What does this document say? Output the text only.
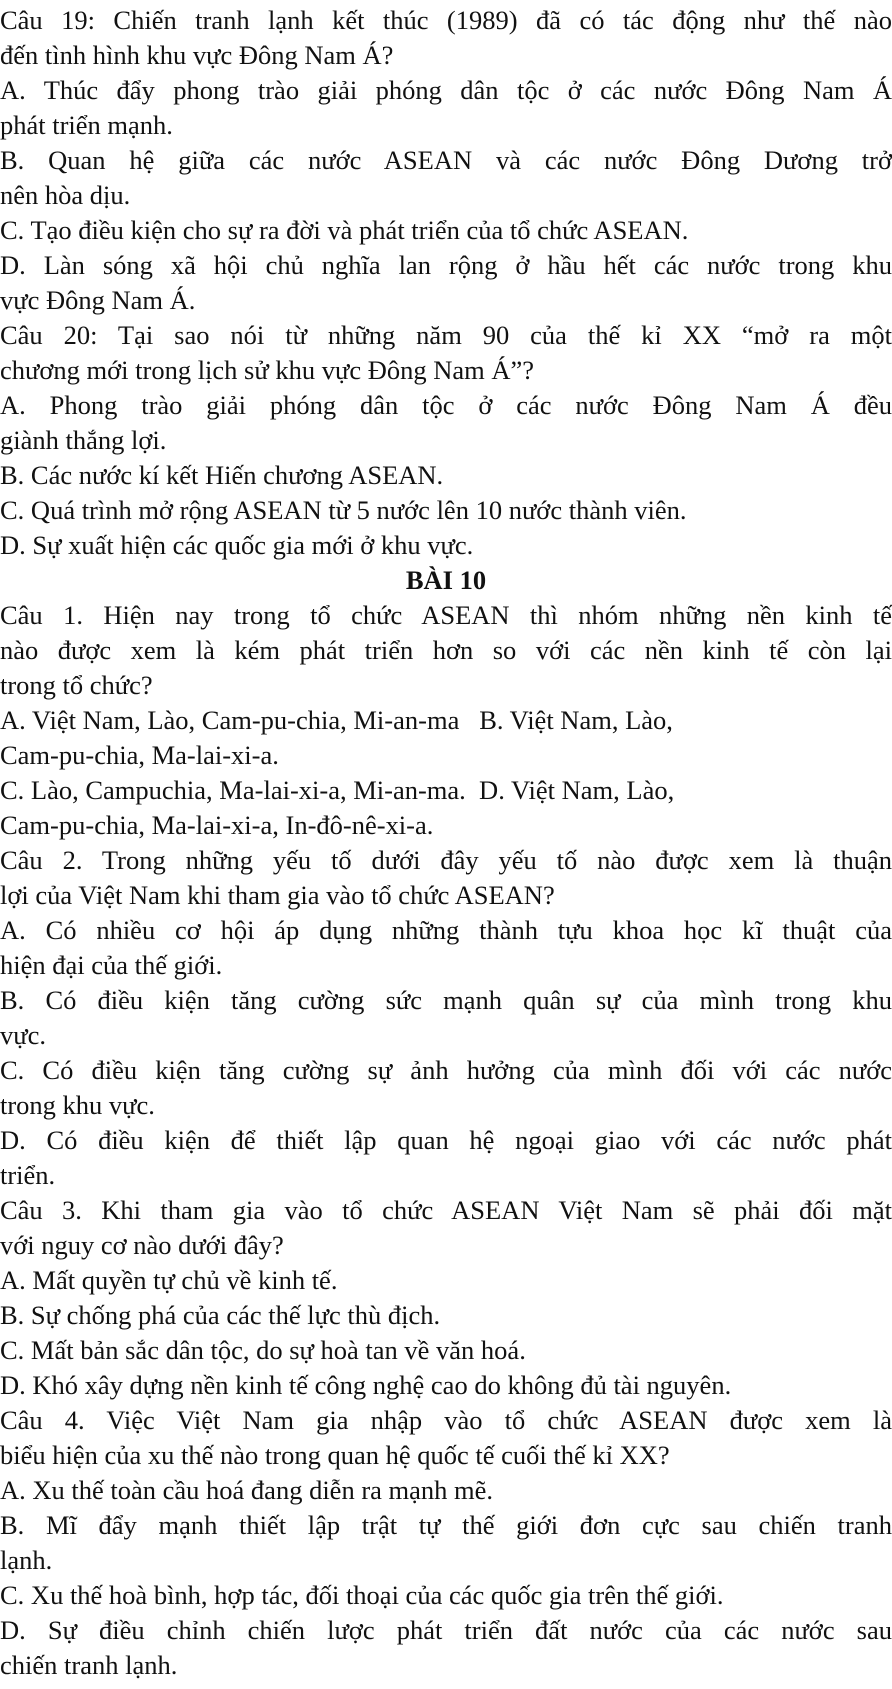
Câu 19: Chiến tranh lạnh kết thúc (1989) đã có tác động như thế nào
đến tình hình khu vực Đông Nam Á?
A. Thúc đẩy phong trào giải phóng dân tộc ở các nước Đông Nam Á
phát triển mạnh.
B. Quan hệ giữa các nước ASEAN và các nước Đông Dương trở
nên hòa dịu.
C. Tạo điều kiện cho sự ra đời và phát triển của tổ chức ASEAN.
D. Làn sóng xã hội chủ nghĩa lan rộng ở hầu hết các nước trong khu
vực Đông Nam Á.
Câu 20: Tại sao nói từ những năm 90 của thế kỉ XX “mở ra một
chương mới trong lịch sử khu vực Đông Nam Á”?
A. Phong trào giải phóng dân tộc ở các nước Đông Nam Á đều
giành thắng lợi.
B. Các nước kí kết Hiến chương ASEAN.
C. Quá trình mở rộng ASEAN từ 5 nước lên 10 nước thành viên.
D. Sự xuất hiện các quốc gia mới ở khu vực.
BÀI 10
Câu 1. Hiện nay trong tổ chức ASEAN thì nhóm những nền kinh tế
nào được xem là kém phát triển hơn so với các nền kinh tế còn lại
trong tổ chức?
A. Việt Nam, Lào, Cam-pu-chia, Mi-an-ma   B. Việt Nam, Lào,
Cam-pu-chia, Ma-lai-xi-a.
C. Lào, Campuchia, Ma-lai-xi-a, Mi-an-ma.  D. Việt Nam, Lào,
Cam-pu-chia, Ma-lai-xi-a, In-đô-nê-xi-a.
Câu 2. Trong những yếu tố dưới đây yếu tố nào được xem là thuận
lợi của Việt Nam khi tham gia vào tổ chức ASEAN?
A. Có nhiều cơ hội áp dụng những thành tựu khoa học kĩ thuật của
hiện đại của thế giới.
B. Có điều kiện tăng cường sức mạnh quân sự của mình trong khu
vực.
C. Có điều kiện tăng cường sự ảnh hưởng của mình đối với các nước
trong khu vực.
D. Có điều kiện để thiết lập quan hệ ngoại giao với các nước phát
triển.
Câu 3. Khi tham gia vào tổ chức ASEAN Việt Nam sẽ phải đối mặt
với nguy cơ nào dưới đây?
A. Mất quyền tự chủ về kinh tế.
B. Sự chống phá của các thế lực thù địch.
C. Mất bản sắc dân tộc, do sự hoà tan về văn hoá.
D. Khó xây dựng nền kinh tế công nghệ cao do không đủ tài nguyên.
Câu 4. Việc Việt Nam gia nhập vào tổ chức ASEAN được xem là
biểu hiện của xu thế nào trong quan hệ quốc tế cuối thế kỉ XX?
A. Xu thế toàn cầu hoá đang diễn ra mạnh mẽ.
B. Mĩ đẩy mạnh thiết lập trật tự thế giới đơn cực sau chiến tranh
lạnh.
C. Xu thế hoà bình, hợp tác, đối thoại của các quốc gia trên thế giới.
D. Sự điều chỉnh chiến lược phát triển đất nước của các nước sau
chiến tranh lạnh.
